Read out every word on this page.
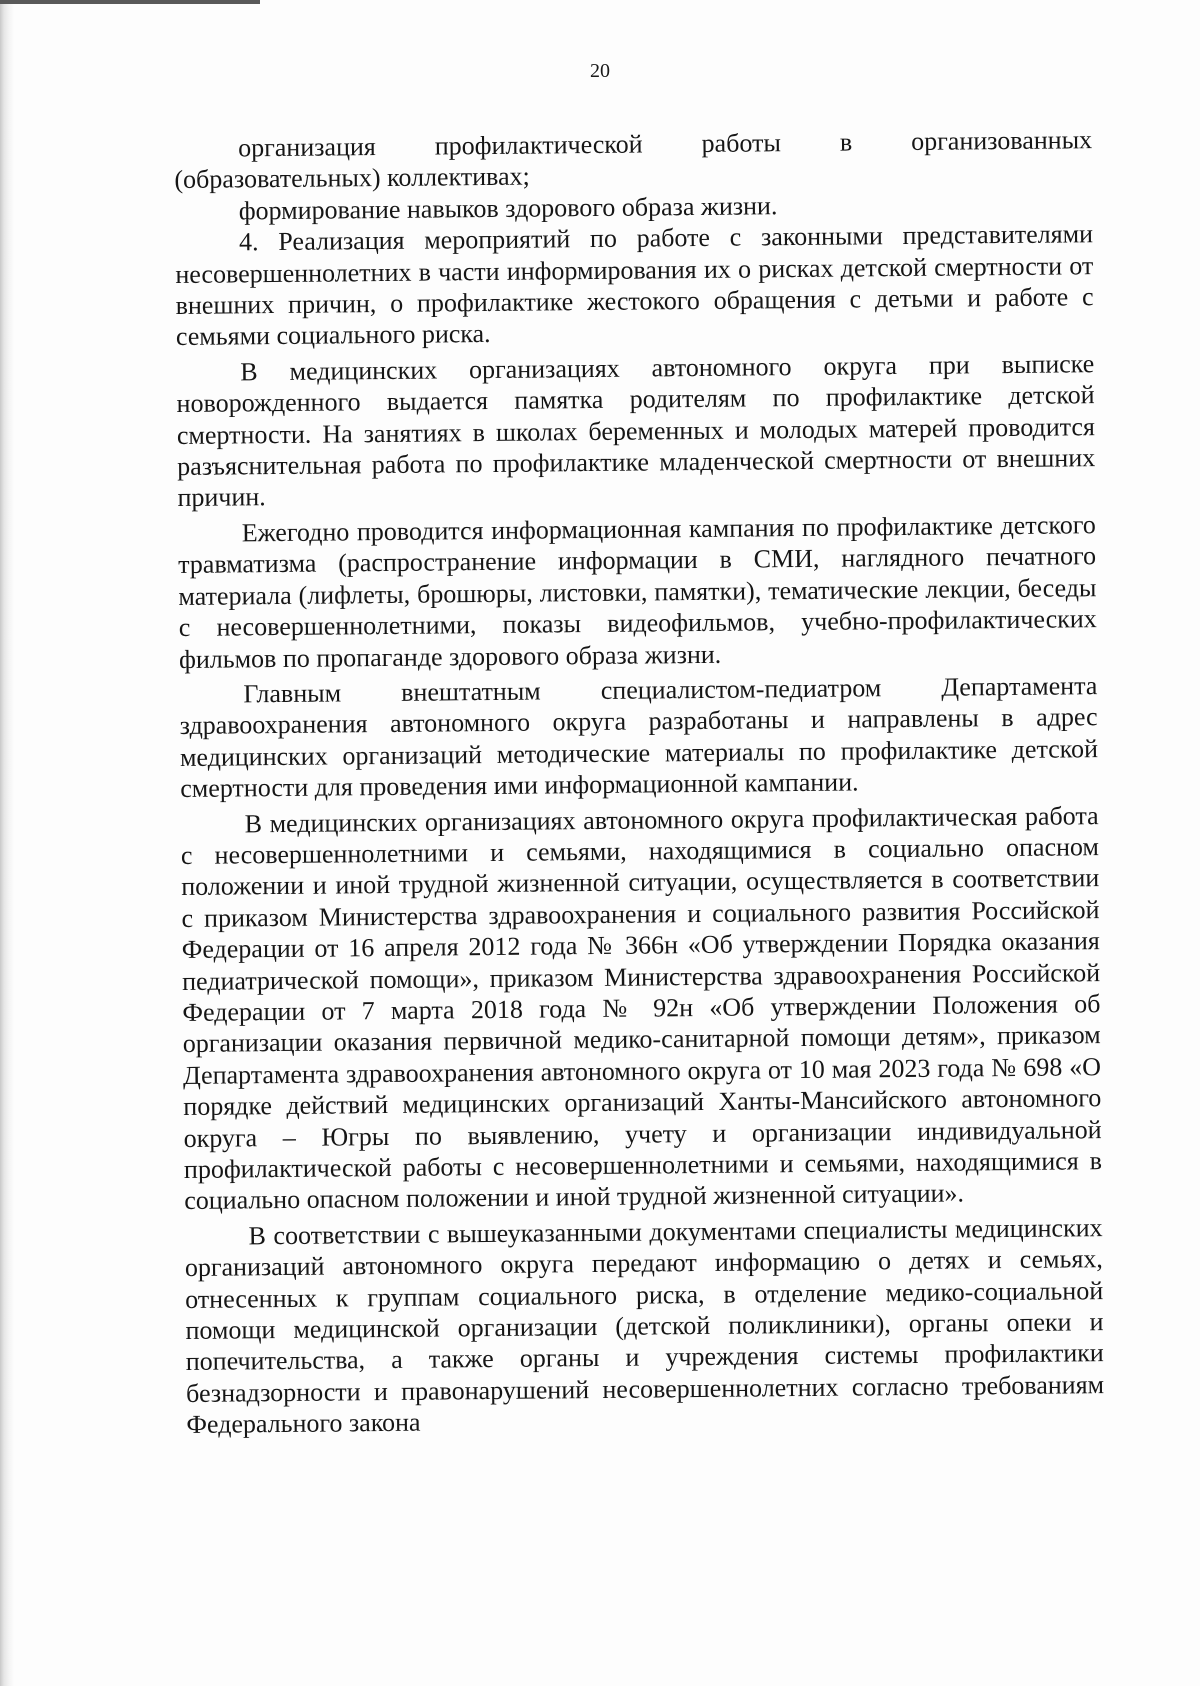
20

организация профилактической работы в организованных (образовательных) коллективах;

формирование навыков здорового образа жизни.

4. Реализация мероприятий по работе с законными представителями несовершеннолетних в части информирования их о рисках детской смертности от внешних причин, о профилактике жестокого обращения с детьми и работе с семьями социального риска.

В медицинских организациях автономного округа при выписке новорожденного выдается памятка родителям по профилактике детской смертности. На занятиях в школах беременных и молодых матерей проводится разъяснительная работа по профилактике младенческой смертности от внешних причин.

Ежегодно проводится информационная кампания по профилактике детского травматизма (распространение информации в СМИ, наглядного печатного материала (лифлеты, брошюры, листовки, памятки), тематические лекции, беседы с несовершеннолетними, показы видеофильмов, учебно-профилактических фильмов по пропаганде здорового образа жизни.

Главным внештатным специалистом-педиатром Департамента здравоохранения автономного округа разработаны и направлены в адрес медицинских организаций методические материалы по профилактике детской смертности для проведения ими информационной кампании.

В медицинских организациях автономного округа профилактическая работа с несовершеннолетними и семьями, находящимися в социально опасном положении и иной трудной жизненной ситуации, осуществляется в соответствии с приказом Министерства здравоохранения и социального развития Российской Федерации от 16 апреля 2012 года № 366н «Об утверждении Порядка оказания педиатрической помощи», приказом Министерства здравоохранения Российской Федерации от 7 марта 2018 года № 92н «Об утверждении Положения об организации оказания первичной медико-санитарной помощи детям», приказом Департамента здравоохранения автономного округа от 10 мая 2023 года № 698 «О порядке действий медицинских организаций Ханты-Мансийского автономного округа – Югры по выявлению, учету и организации индивидуальной профилактической работы с несовершеннолетними и семьями, находящимися в социально опасном положении и иной трудной жизненной ситуации».

В соответствии с вышеуказанными документами специалисты медицинских организаций автономного округа передают информацию о детях и семьях, отнесенных к группам социального риска, в отделение медико-социальной помощи медицинской организации (детской поликлиники), органы опеки и попечительства, а также органы и учреждения системы профилактики безнадзорности и правонарушений несовершеннолетних согласно требованиям Федерального закона
